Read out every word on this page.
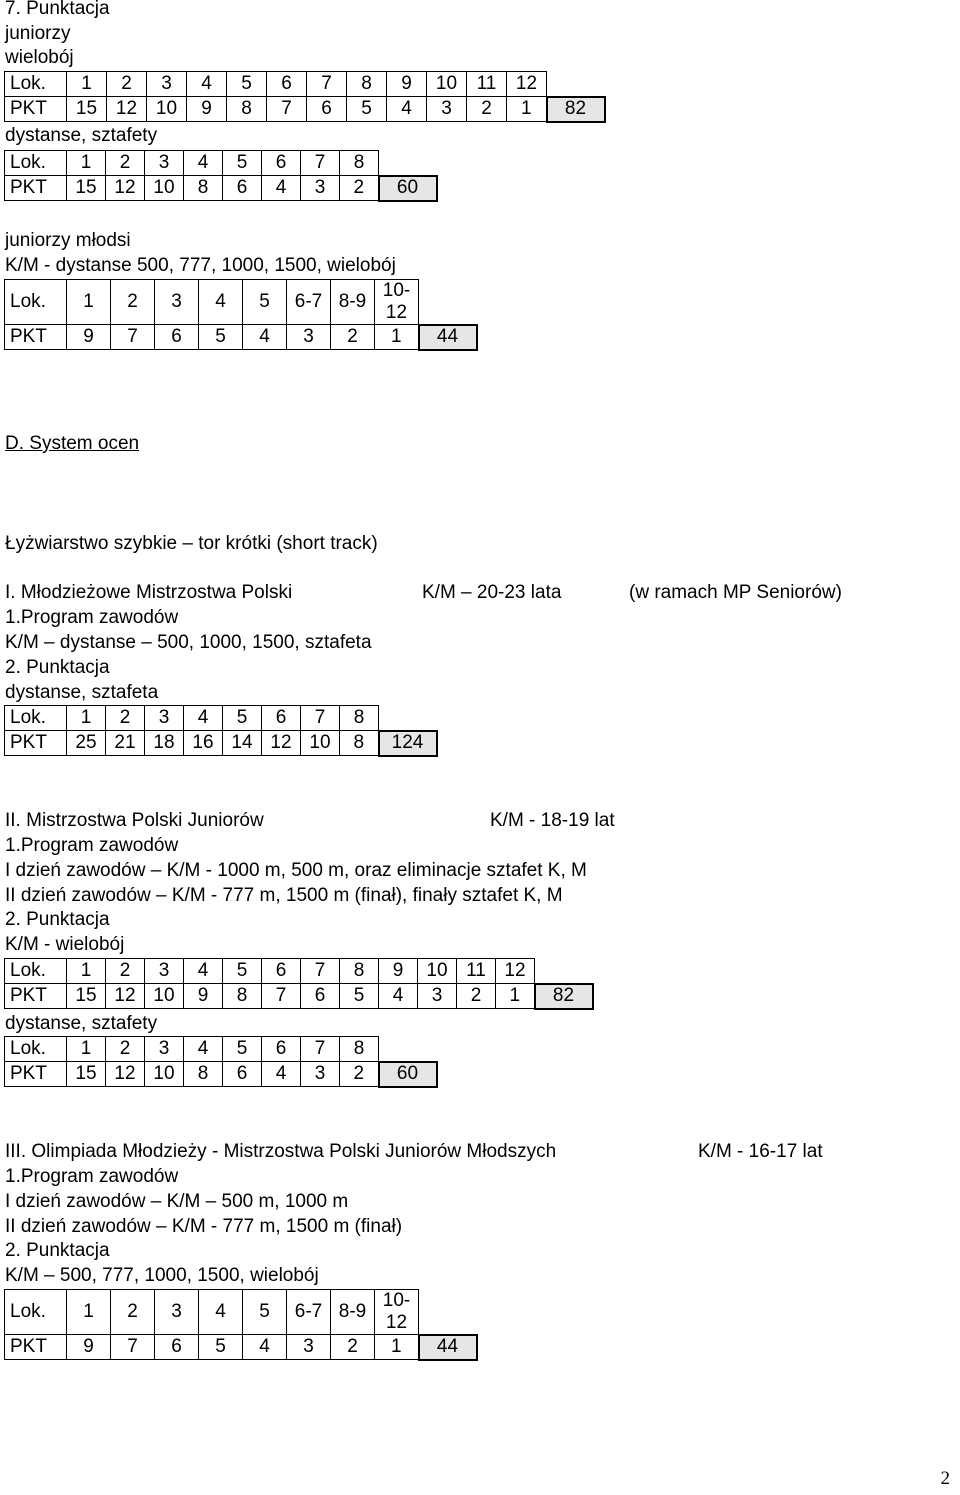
7. Punktacja
juniorzy
wielobój
Lok.	1	2	3	4	5	6	7	8	9	10	11	12	
PKT	15	12	10	9	8	7	6	5	4	3	2	1	82
dystanse, sztafety
Lok.	1	2	3	4	5	6	7	8	
PKT	15	12	10	8	6	4	3	2	60
juniorzy młodsi
K/M - dystanse 500, 777, 1000, 1500, wielobój
Lok.	1	2	3	4	5	6-7	8-9	10-12	
PKT	9	7	6	5	4	3	2	1	44
D. System ocen
Łyżwiarstwo szybkie – tor krótki (short track)
I. Młodzieżowe Mistrzostwa Polski	K/M – 20-23 lata	(w ramach MP Seniorów)
1.Program zawodów
K/M – dystanse – 500, 1000, 1500, sztafeta
2. Punktacja
dystanse, sztafeta
Lok.	1	2	3	4	5	6	7	8	
PKT	25	21	18	16	14	12	10	8	124
II. Mistrzostwa Polski Juniorów	K/M - 18-19 lat
1.Program zawodów
I dzień zawodów – K/M - 1000 m, 500 m, oraz eliminacje sztafet K, M
II dzień zawodów – K/M - 777 m, 1500 m (finał), finały sztafet K, M
2. Punktacja
K/M - wielobój
Lok.	1	2	3	4	5	6	7	8	9	10	11	12	
PKT	15	12	10	9	8	7	6	5	4	3	2	1	82
dystanse, sztafety
Lok.	1	2	3	4	5	6	7	8	
PKT	15	12	10	8	6	4	3	2	60
III. Olimpiada Młodzieży - Mistrzostwa Polski Juniorów Młodszych	K/M - 16-17 lat
1.Program zawodów
I dzień zawodów – K/M – 500 m, 1000 m
II dzień zawodów – K/M - 777 m, 1500 m (finał)
2. Punktacja
K/M – 500, 777, 1000, 1500, wielobój
Lok.	1	2	3	4	5	6-7	8-9	10-12	
PKT	9	7	6	5	4	3	2	1	44
2
